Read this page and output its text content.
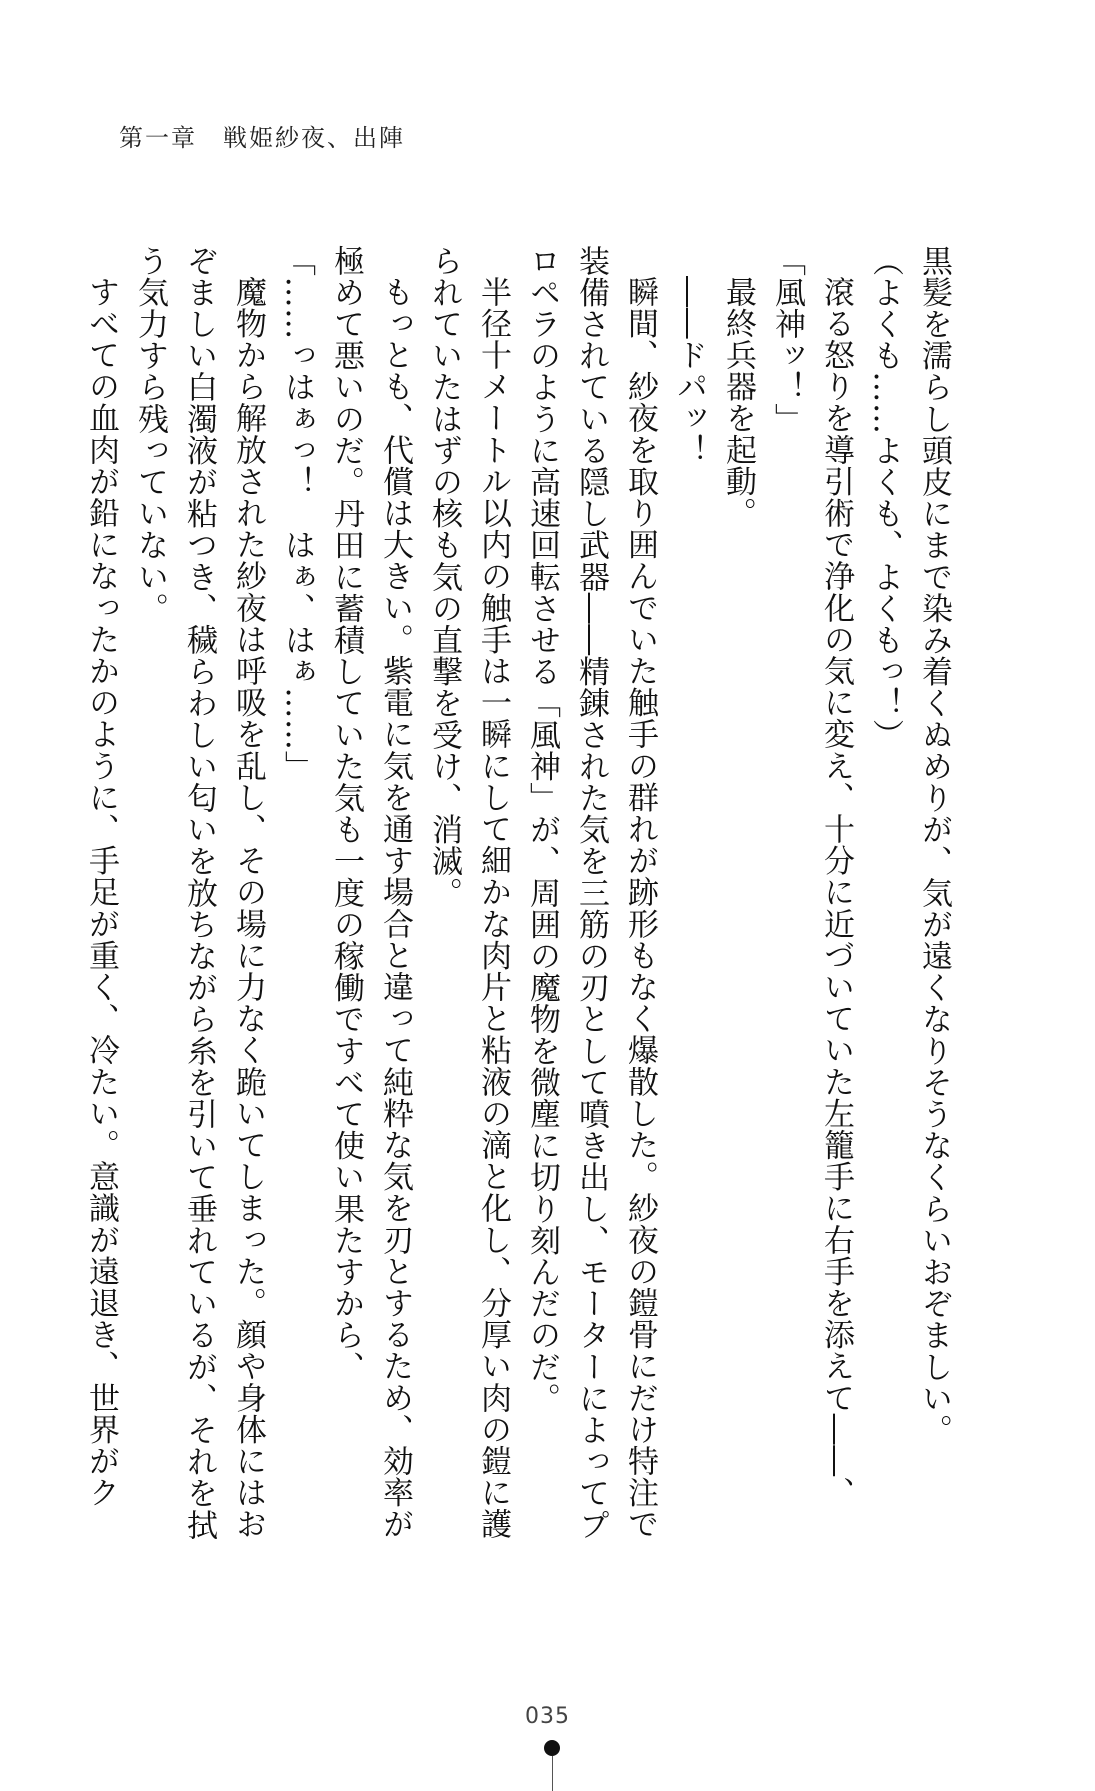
第一章　戦姫紗夜、出陣

黒髪を濡らし頭皮にまで染み着くぬめりが、気が遠くなりそうなくらいおぞましい。

（よくも……よくも、よくもっ！）

滾る怒りを導引術で浄化の気に変え、十分に近づいていた左籠手に右手を添えて――、

「風神ッ！」

最終兵器を起動。

――ドパッ！

瞬間、紗夜を取り囲んでいた触手の群れが跡形もなく爆散した。紗夜の鎧骨にだけ特注で装備されている隠し武器――精錬された気を三筋の刃として噴き出し、モーターによってプロペラのように高速回転させる「風神」が、周囲の魔物を微塵に切り刻んだのだ。

半径十メートル以内の触手は一瞬にして細かな肉片と粘液の滴と化し、分厚い肉の鎧に護られていたはずの核も気の直撃を受け、消滅。

もっとも、代償は大きい。紫電に気を通す場合と違って純粋な気を刃とするため、効率が極めて悪いのだ。丹田に蓄積していた気も一度の稼働ですべて使い果たすから、

「……っはぁっ！　はぁ、はぁ……」

魔物から解放された紗夜は呼吸を乱し、その場に力なく跪いてしまった。顔や身体にはおぞましい白濁液が粘つき、穢らわしい匂いを放ちながら糸を引いて垂れているが、それを拭う気力すら残っていない。

すべての血肉が鉛になったかのように、手足が重く、冷たい。意識が遠退き、世界がク

035
